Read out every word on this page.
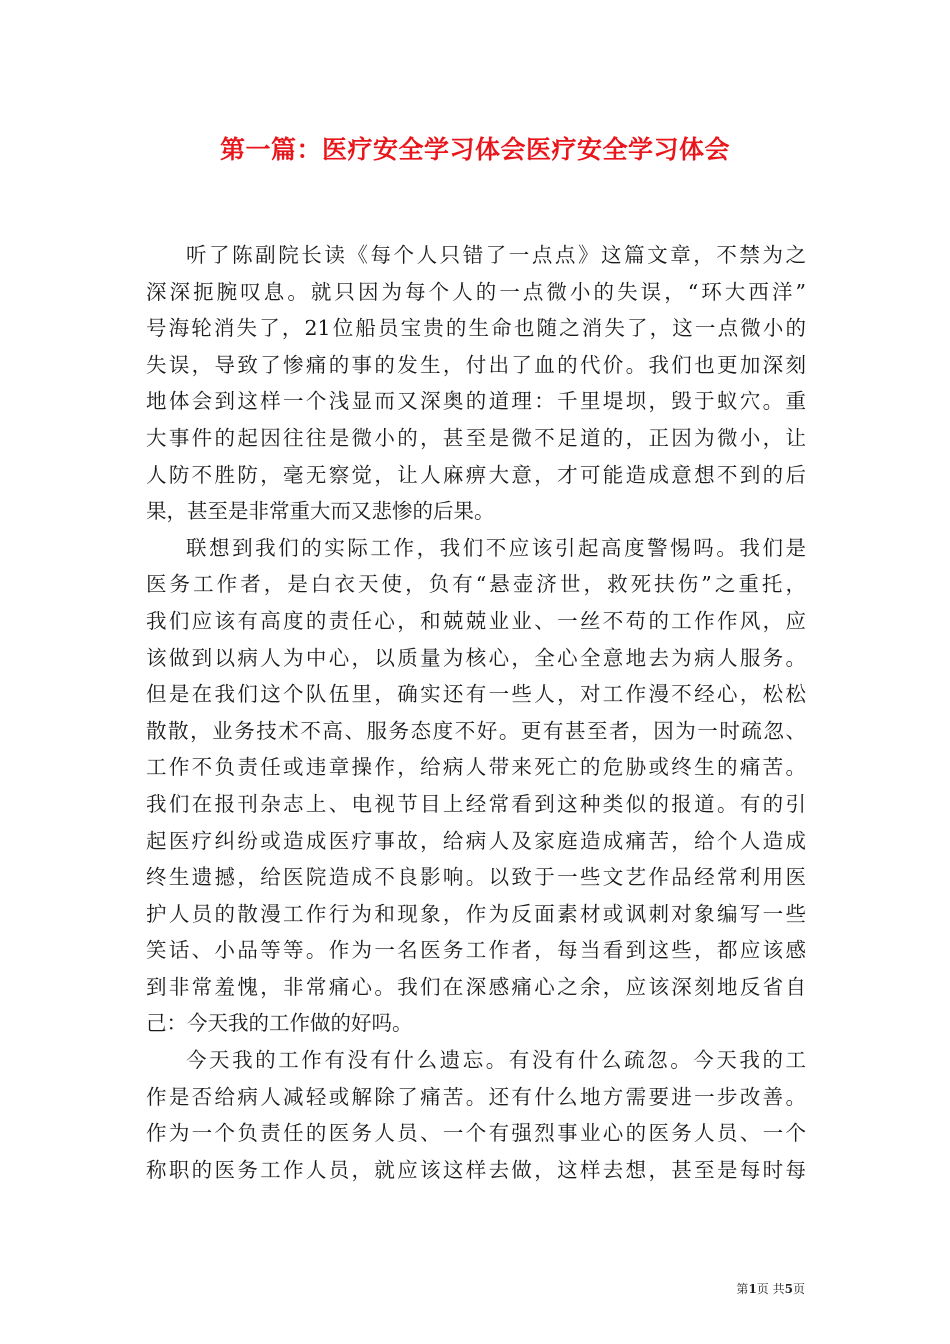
第一篇：医疗安全学习体会医疗安全学习体会
听了陈副院长读《每个人只错了一点点》这篇文章，不禁为之
深深扼腕叹息。就只因为每个人的一点微小的失误，“环大西洋”
号海轮消失了，21位船员宝贵的生命也随之消失了，这一点微小的
失误，导致了惨痛的事的发生，付出了血的代价。我们也更加深刻
地体会到这样一个浅显而又深奥的道理：千里堤坝，毁于蚁穴。重
大事件的起因往往是微小的，甚至是微不足道的，正因为微小，让
人防不胜防，毫无察觉，让人麻痹大意，才可能造成意想不到的后
果，甚至是非常重大而又悲惨的后果。
联想到我们的实际工作，我们不应该引起高度警惕吗。我们是
医务工作者，是白衣天使，负有“悬壶济世，救死扶伤”之重托，
我们应该有高度的责任心，和兢兢业业、一丝不苟的工作作风，应
该做到以病人为中心，以质量为核心，全心全意地去为病人服务。
但是在我们这个队伍里，确实还有一些人，对工作漫不经心，松松
散散，业务技术不高、服务态度不好。更有甚至者，因为一时疏忽、
工作不负责任或违章操作，给病人带来死亡的危胁或终生的痛苦。
我们在报刊杂志上、电视节目上经常看到这种类似的报道。有的引
起医疗纠纷或造成医疗事故，给病人及家庭造成痛苦，给个人造成
终生遗撼，给医院造成不良影响。以致于一些文艺作品经常利用医
护人员的散漫工作行为和现象，作为反面素材或讽刺对象编写一些
笑话、小品等等。作为一名医务工作者，每当看到这些，都应该感
到非常羞愧，非常痛心。我们在深感痛心之余，应该深刻地反省自
己：今天我的工作做的好吗。
今天我的工作有没有什么遗忘。有没有什么疏忽。今天我的工
作是否给病人减轻或解除了痛苦。还有什么地方需要进一步改善。
作为一个负责任的医务人员、一个有强烈事业心的医务人员、一个
称职的医务工作人员，就应该这样去做，这样去想，甚至是每时每
第1页 共5页
